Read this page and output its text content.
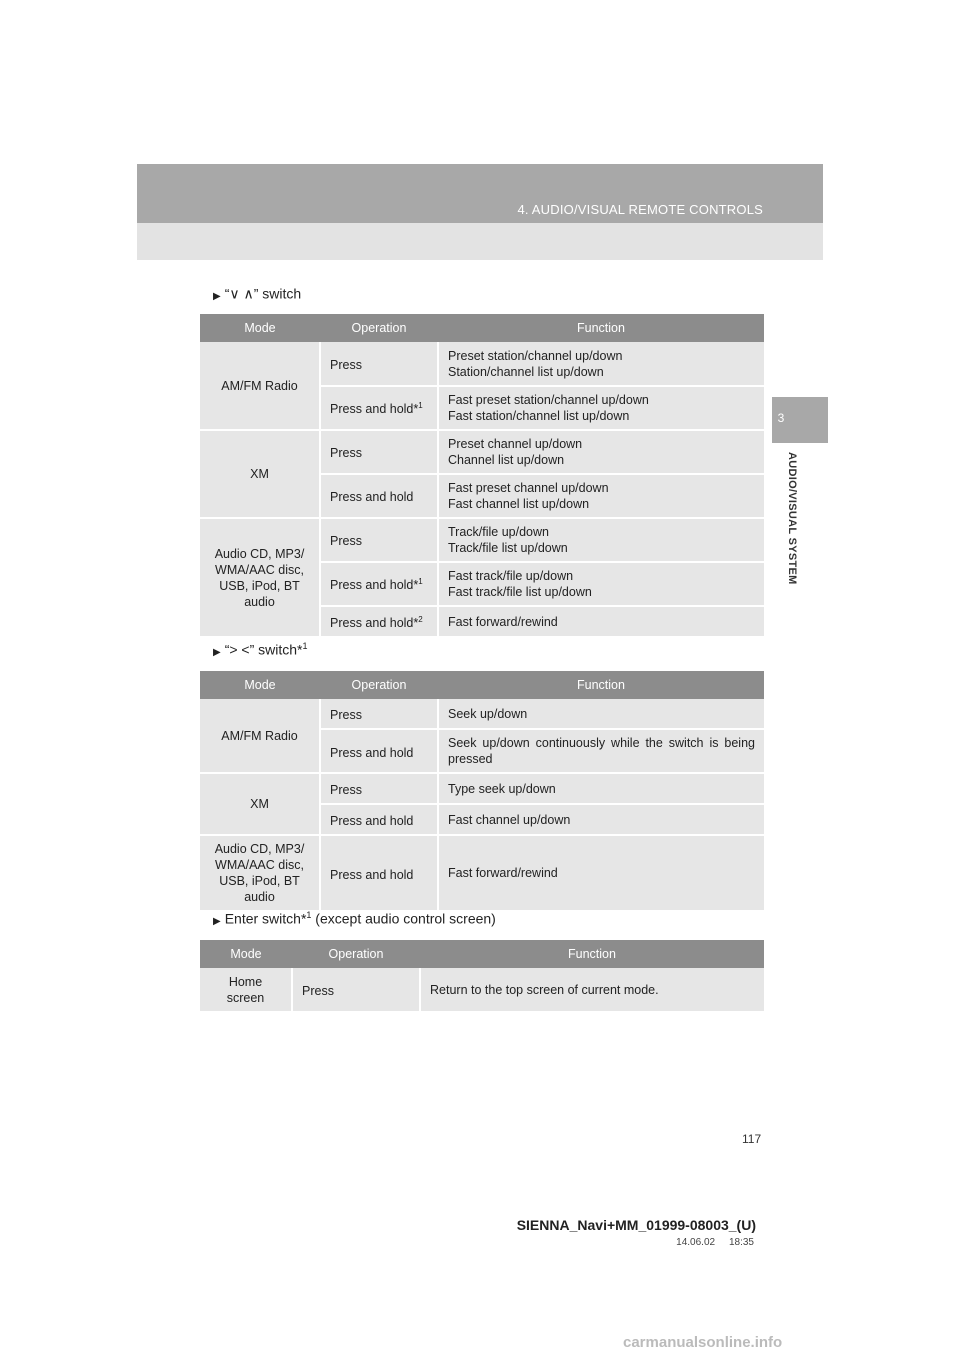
4. AUDIO/VISUAL REMOTE CONTROLS
3
AUDIO/VISUAL SYSTEM
▶ “∨ ∧” switch
Mode	Operation	Function
AM/FM Radio	Press	Preset station/channel up/down
Station/channel list up/down
	Press and hold*$^1$	Fast preset station/channel up/down
Fast station/channel list up/down
XM	Press	Preset channel up/down
Channel list up/down
	Press and hold	Fast preset channel up/down
Fast channel list up/down
Audio CD, MP3/ WMA/AAC disc, USB, iPod, BT audio	Press	Track/file up/down
Track/file list up/down
	Press and hold*$^1$	Fast track/file up/down
Fast track/file list up/down
	Press and hold*$^2$	Fast forward/rewind
▶ “> <” switch*$^1$
Mode	Operation	Function
AM/FM Radio	Press	Seek up/down
	Press and hold	Seek up/down continuously while the switch is being pressed
XM	Press	Type seek up/down
	Press and hold	Fast channel up/down
Audio CD, MP3/ WMA/AAC disc, USB, iPod, BT audio	Press and hold	Fast forward/rewind
▶ Enter switch*$^1$ (except audio control screen)
Mode	Operation	Function
Home screen	Press	Return to the top screen of current mode.
117
SIENNA_Navi+MM_01999-08003_(U)
14.06.02     18:35
carmanualsonline.info
